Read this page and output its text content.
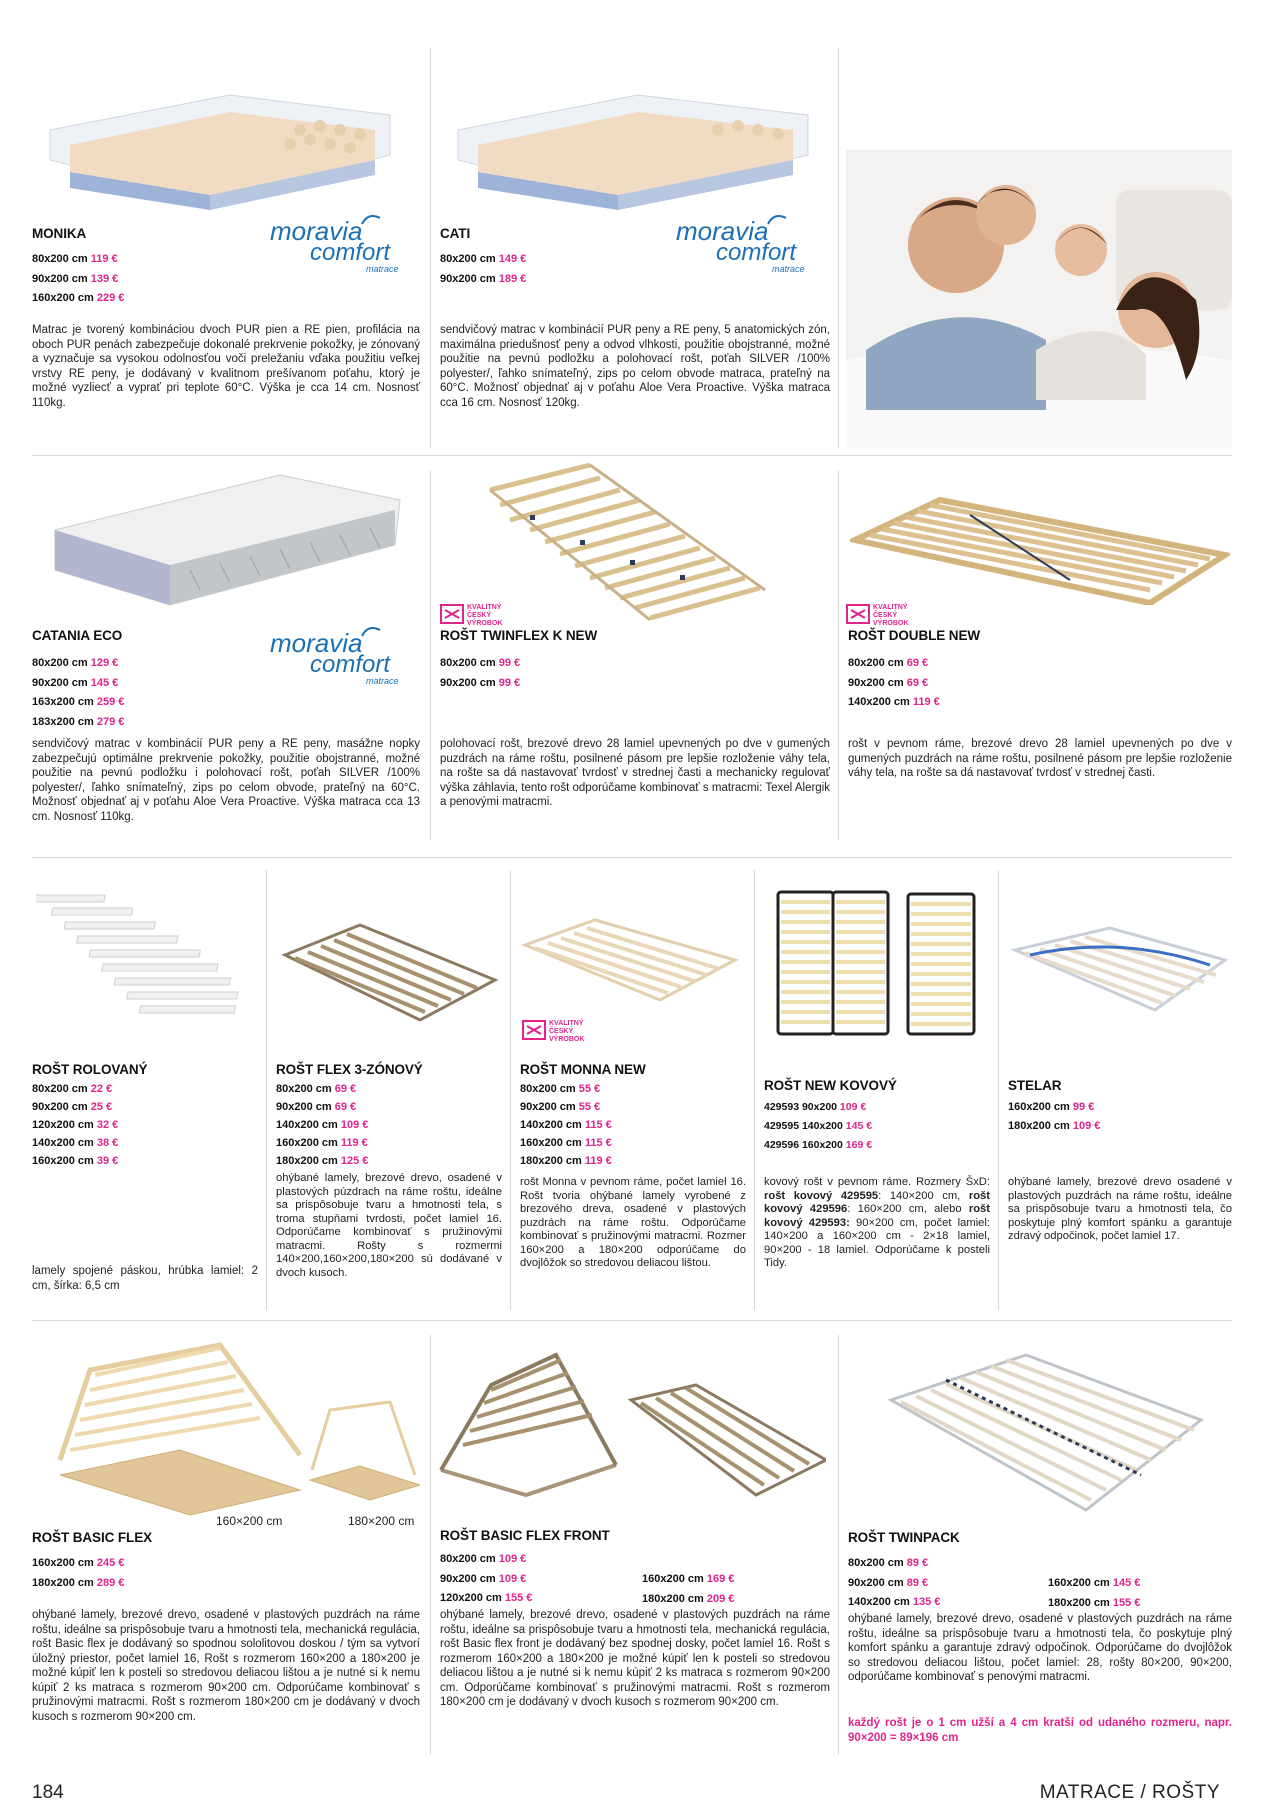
MONIKA
80x200 cm 119 €
90x200 cm 139 €
160x200 cm 229 €
moravia
comfort
matrace
Matrac je tvorený kombináciou dvoch PUR pien a RE pien, profilácia na oboch PUR penách zabezpečuje dokonalé prekrvenie pokožky, je zónovaný a vyznačuje sa vysokou odolnosťou voči preležaniu vďaka použitiu veľkej vrstvy RE peny, je dodávaný v kvalitnom prešívanom poťahu, ktorý je možné vyzliecť a vyprať pri teplote 60°C. Výška je cca 14 cm. Nosnosť 110kg.
CATI
80x200 cm 149 €
90x200 cm 189 €
moravia
comfort
matrace
sendvičový matrac v kombinácií PUR peny a RE peny, 5 anatomických zón, maximálna priedušnosť peny a odvod vlhkosti, použitie obojstranné, možné použitie na pevnú podložku a polohovací rošt, poťah SILVER /100% polyester/, ľahko snímateľný, zips po celom obvode matraca, prateľný na 60°C. Možnosť objednať aj v poťahu Aloe Vera Proactive. Výška matraca cca 16 cm. Nosnosť 120kg.
CATANIA ECO
80x200 cm 129 €
90x200 cm 145 €
163x200 cm 259 €
183x200 cm 279 €
moravia
comfort
matrace
sendvičový matrac v kombinácií PUR peny a RE peny, masážne nopky zabezpečujú optimálne prekrvenie pokožky, použitie obojstranné, možné použitie na pevnú podložku i polohovací rošt, poťah SILVER /100% polyester/, ľahko snímateľný, zips po celom obvode, prateľný na 60°C. Možnosť objednať aj v poťahu Aloe Vera Proactive. Výška matraca cca 13 cm. Nosnosť 110kg.
KVALITNÝ
ČESKÝ
VÝROBOK
ROŠT TWINFLEX K NEW
80x200 cm 99 €
90x200 cm 99 €
polohovací rošt, brezové drevo 28 lamiel upevnených po dve v gumených puzdrách na ráme roštu, posilnené pásom pre lepšie rozloženie váhy tela, na rošte sa dá nastavovať tvrdosť v strednej časti a mechanicky regulovať výška záhlavia, tento rošt odporúčame kombinovať s matracmi: Texel Alergik a penovými matracmi.
KVALITNÝ
ČESKÝ
VÝROBOK
ROŠT DOUBLE NEW
80x200 cm 69 €
90x200 cm 69 €
140x200 cm 119 €
rošt v pevnom ráme, brezové drevo 28 lamiel upevnených po dve v gumených puzdrách na ráme roštu, posilnené pásom pre lepšie rozloženie váhy tela, na rošte sa dá nastavovať tvrdosť v strednej časti.
ROŠT ROLOVANÝ
80x200 cm 22 €
90x200 cm 25 €
120x200 cm 32 €
140x200 cm 38 €
160x200 cm 39 €
lamely spojené páskou, hrúbka lamiel: 2 cm, šírka: 6,5 cm
ROŠT FLEX 3-ZÓNOVÝ
80x200 cm 69 €
90x200 cm 69 €
140x200 cm 109 €
160x200 cm 119 €
180x200 cm 125 €
ohýbané lamely, brezové drevo, osadené v plastových púzdrach na ráme roštu, ideálne sa prispôsobuje tvaru a hmotnosti tela, s troma stupňami tvrdosti, počet lamiel 16. Odporúčame kombinovať s pružinovými matracmi. Rošty s rozmermi 140×200,160×200,180×200 sú dodávané v dvoch kusoch.
KVALITNÝ
ČESKÝ
VÝROBOK
ROŠT MONNA NEW
80x200 cm 55 €
90x200 cm 55 €
140x200 cm 115 €
160x200 cm 115 €
180x200 cm 119 €
rošt Monna v pevnom ráme, počet lamiel 16. Rošt tvoria ohýbané lamely vyrobené z brezového dreva, osadené v plastových puzdrách na ráme roštu. Odporúčame kombinovať s pružinovými matracmi. Rozmer 160×200 a 180×200 odporúčame do dvojlôžok so stredovou deliacou lištou.
ROŠT NEW KOVOVÝ
429593 90x200 109 €
429595 140x200 145 €
429596 160x200 169 €
kovový rošt v pevnom ráme. Rozmery ŠxD: rošt kovový 429595: 140×200 cm, rošt kovový 429596: 160×200 cm, alebo rošt kovový 429593: 90×200 cm, počet lamiel: 140×200 a 160×200 cm - 2×18 lamiel, 90×200 - 18 lamiel. Odporúčame k posteli Tidy.
STELAR
160x200 cm 99 €
180x200 cm 109 €
ohýbané lamely, brezové drevo osadené v plastových puzdrách na ráme roštu, ideálne sa prispôsobuje tvaru a hmotnosti tela, čo poskytuje plný komfort spánku a garantuje zdravý odpočinok, počet lamiel 17.
160×200 cm	180×200 cm
ROŠT BASIC FLEX
160x200 cm 245 €
180x200 cm 289 €
ohýbané lamely, brezové drevo, osadené v plastových puzdrách na ráme roštu, ideálne sa prispôsobuje tvaru a hmotnosti tela, mechanická regulácia, rošt Basic flex je dodávaný so spodnou sololitovou doskou / tým sa vytvorí úložný priestor, počet lamiel 16, Rošt s rozmerom 160×200 a 180×200 je možné kúpiť len k posteli so stredovou deliacou lištou a je nutné si k nemu kúpiť 2 ks matraca s rozmerom 90×200 cm. Odporúčame kombinovať s pružinovými matracmi. Rošt s rozmerom 180×200 cm je dodávaný v dvoch kusoch s rozmerom 90×200 cm.
ROŠT BASIC FLEX FRONT
80x200 cm 109 €
90x200 cm 109 €
120x200 cm 155 €
160x200 cm 169 €
180x200 cm 209 €
ohýbané lamely, brezové drevo, osadené v plastových puzdrách na ráme roštu, ideálne sa prispôsobuje tvaru a hmotnosti tela, mechanická regulácia, rošt Basic flex front je dodávaný bez spodnej dosky, počet lamiel 16. Rošt s rozmerom 160×200 a 180×200 je možné kúpiť len k posteli so stredovou deliacou lištou a je nutné si k nemu kúpiť 2 ks matraca s rozmerom 90×200 cm. Odporúčame kombinovať s pružinovými matracmi. Rošt s rozmerom 180×200 cm je dodávaný v dvoch kusoch s rozmerom 90×200 cm.
ROŠT TWINPACK
80x200 cm 89 €
90x200 cm 89 €
140x200 cm 135 €
160x200 cm 145 €
180x200 cm 155 €
ohýbané lamely, brezové drevo, osadené v plastových puzdrách na ráme roštu, ideálne sa prispôsobuje tvaru a hmotnosti tela, čo poskytuje plný komfort spánku a garantuje zdravý odpočinok. Odporúčame do dvojlôžok so stredovou deliacou lištou, počet lamiel: 28, rošty 80×200, 90×200, odporúčame kombinovať s penovými matracmi.
každý rošt je o 1 cm užší a 4 cm kratší od udaného rozmeru, napr. 90×200 = 89×196 cm
184	MATRACE / ROŠTY
